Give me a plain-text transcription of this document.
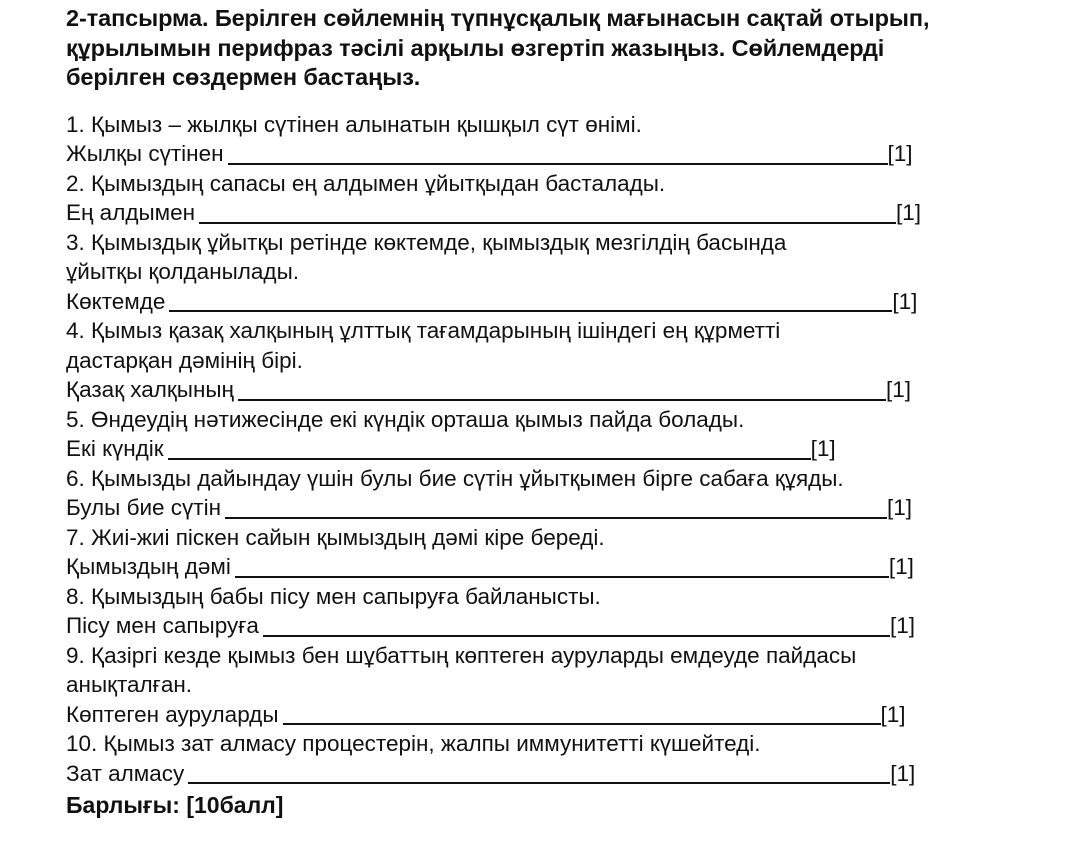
2-тапсырма. Берілген сөйлемнің түпнұсқалық мағынасын сақтай отырып,
құрылымын перифраз тәсілі арқылы өзгертіп жазыңыз. Сөйлемдерді
берілген сөздермен бастаңыз.
1. Қымыз – жылқы сүтінен алынатын қышқыл сүт өнімі.
Жылқы сүтінен	[1]
2. Қымыздың сапасы ең алдымен ұйытқыдан басталады.
Ең алдымен	[1]
3. Қымыздық ұйытқы ретінде көктемде, қымыздық мезгілдің басында
ұйытқы қолданылады.
Көктемде	[1]
4. Қымыз қазақ халқының ұлттық тағамдарының ішіндегі ең құрметті
дастарқан дәмінің бірі.
Қазақ халқының	[1]
5. Өндеудің нәтижесінде екі күндік орташа қымыз пайда болады.
Екі күндік	[1]
6. Қымызды дайындау үшін булы бие сүтін ұйытқымен бірге сабаға құяды.
Булы бие сүтін	[1]
7. Жиі-жиі піскен сайын қымыздың дәмі кіре береді.
Қымыздың дәмі	[1]
8. Қымыздың бабы пісу мен сапыруға байланысты.
Пісу мен сапыруға	[1]
9. Қазіргі кезде қымыз бен шұбаттың көптеген ауруларды емдеуде пайдасы
анықталған.
Көптеген ауруларды	[1]
10. Қымыз зат алмасу процестерін, жалпы иммунитетті күшейтеді.
Зат алмасу	[1]
Барлығы: [10балл]
